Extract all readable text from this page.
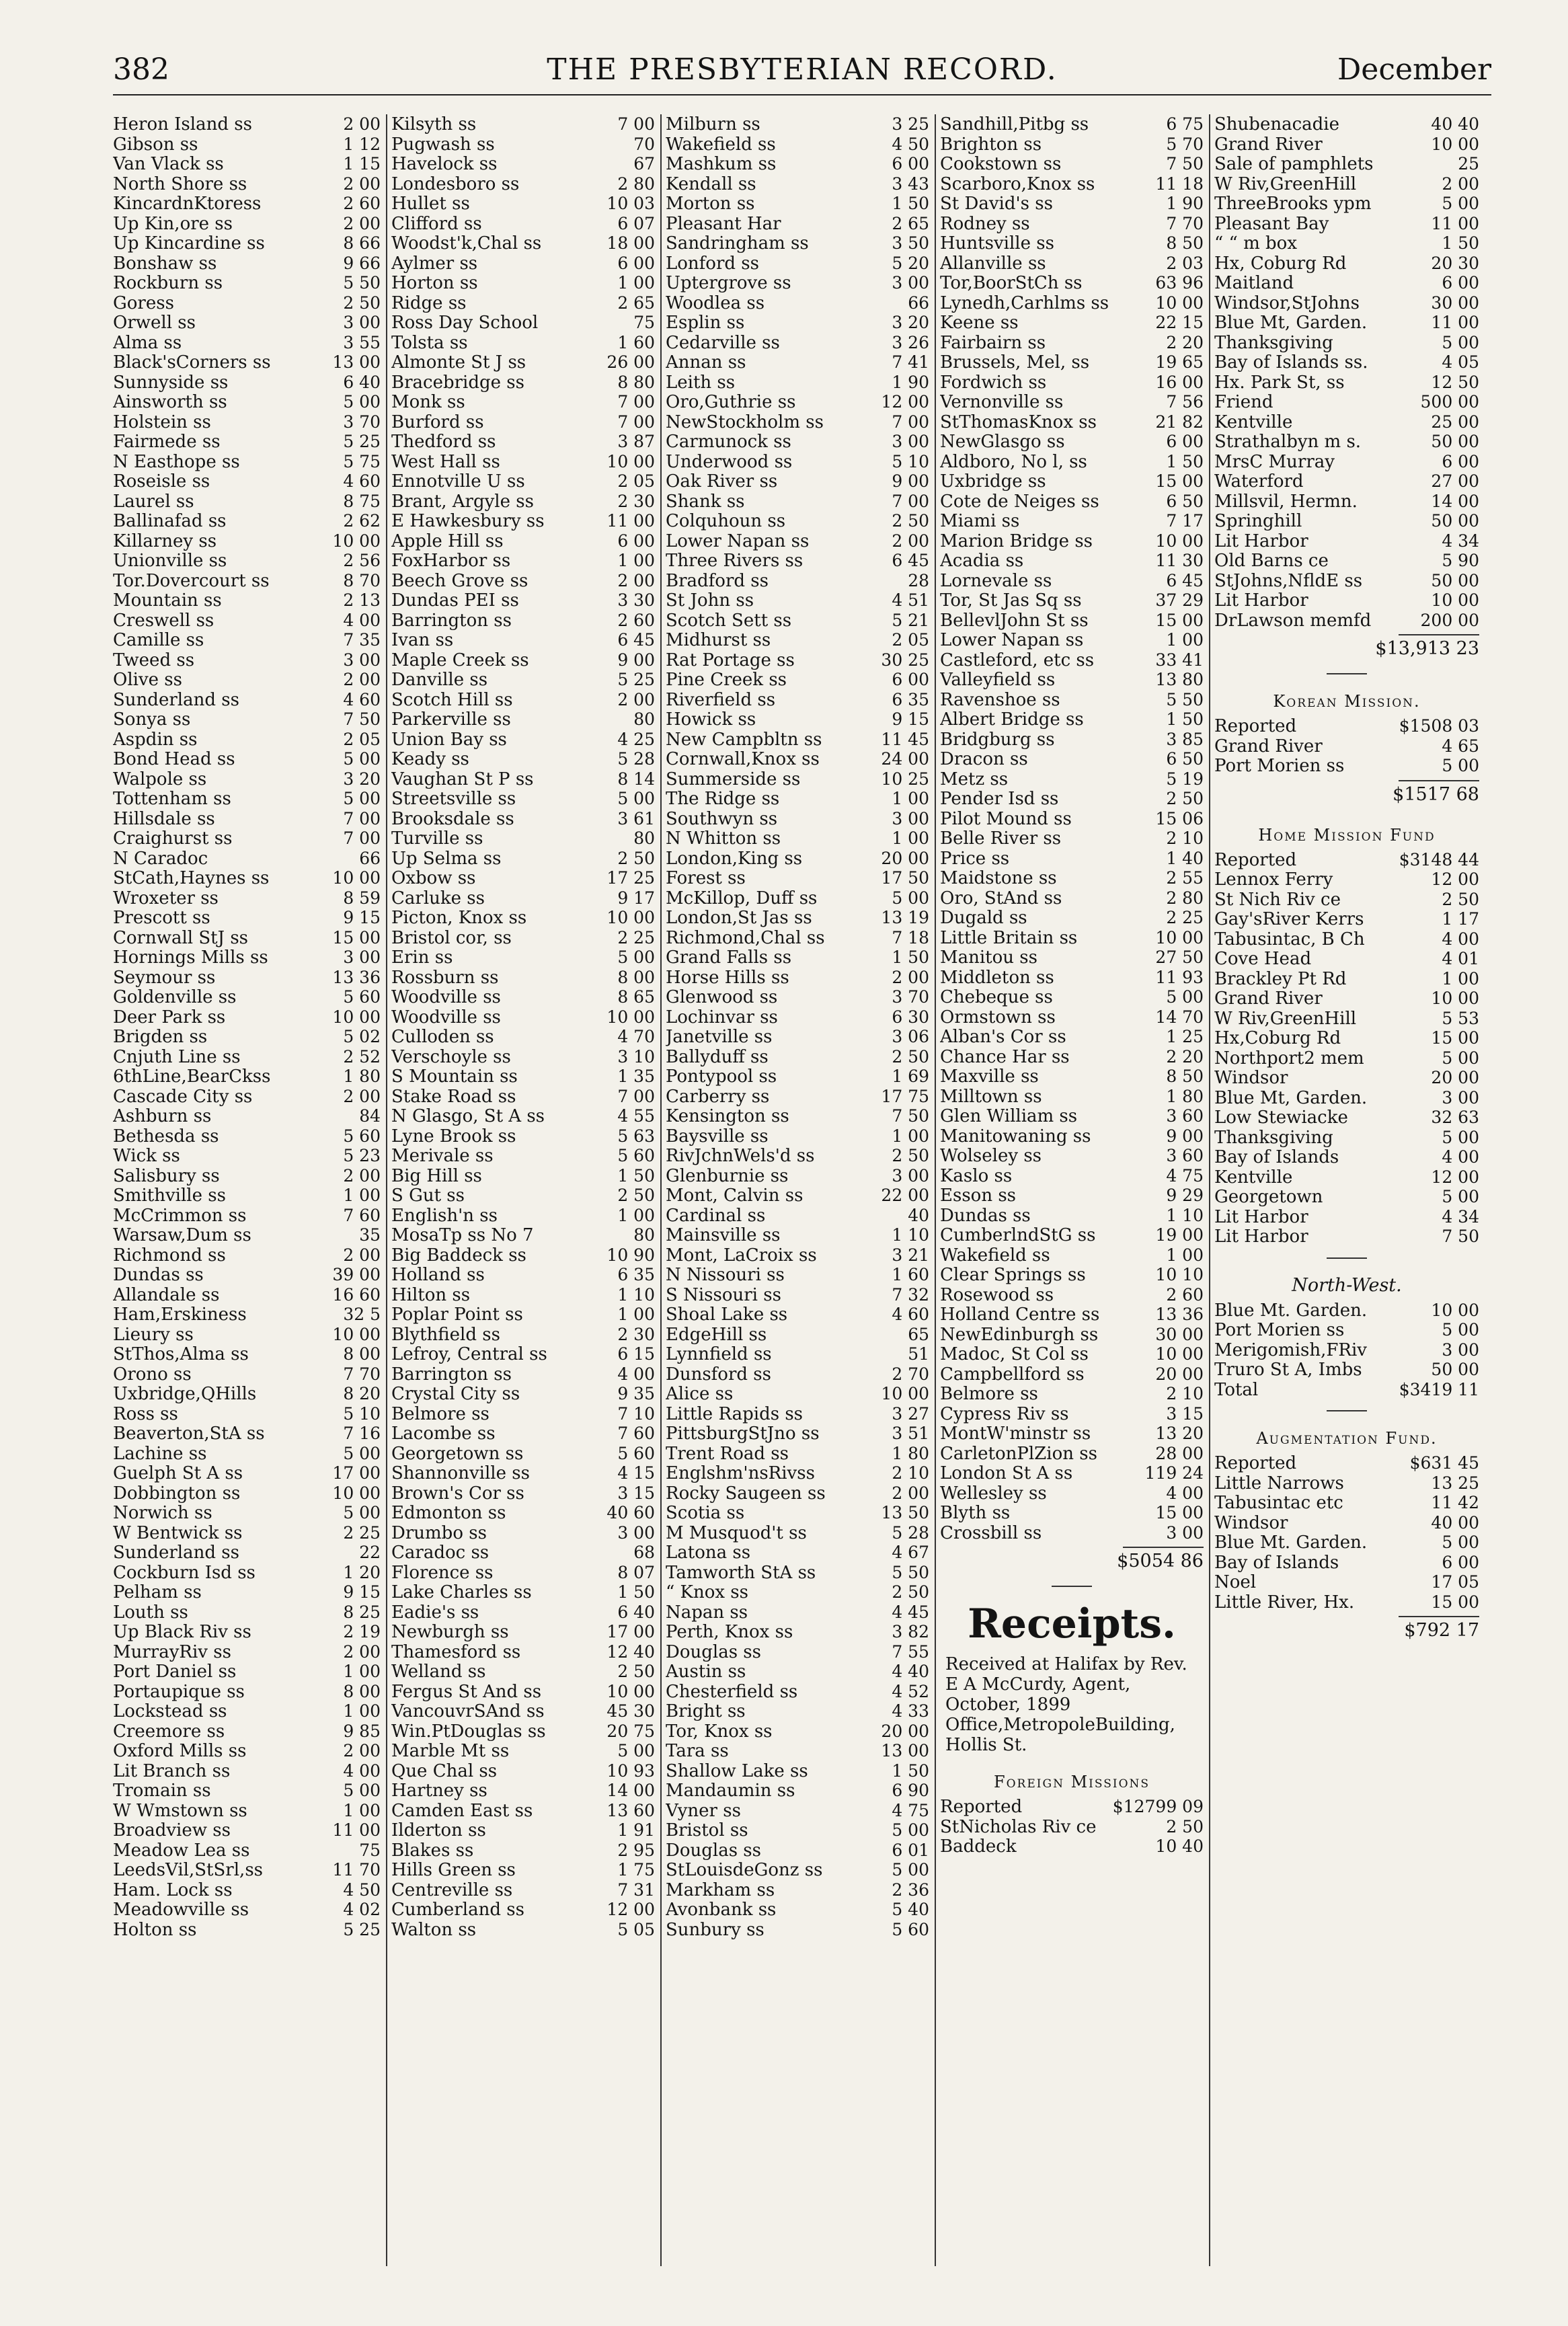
382	THE PRESBYTERIAN RECORD.	December
Heron Island ss	2 00
Gibson ss	1 12
Van Vlack ss	1 15
North Shore ss	2 00
KincardnKtoress	2 60
Up Kin,ore ss	2 00
Up Kincardine ss	8 66
Bonshaw ss	9 66
Rockburn ss	5 50
Goress	2 50
Orwell ss	3 00
Alma ss	3 55
Black'sCorners ss	13 00
Sunnyside ss	6 40
Ainsworth ss	5 00
Holstein ss	3 70
Fairmede ss	5 25
N Easthope ss	5 75
Roseisle ss	4 60
Laurel ss	8 75
Ballinafad ss	2 62
Killarney ss	10 00
Unionville ss	2 56
Tor.Dovercourt ss	8 70
Mountain ss	2 13
Creswell ss	4 00
Camille ss	7 35
Tweed ss	3 00
Olive ss	2 00
Sunderland ss	4 60
Sonya ss	7 50
Aspdin ss	2 05
Bond Head ss	5 00
Walpole ss	3 20
Tottenham ss	5 00
Hillsdale ss	7 00
Craighurst ss	7 00
N Caradoc	66
StCath,Haynes ss	10 00
Wroxeter ss	8 59
Prescott ss	9 15
Cornwall StJ ss	15 00
Hornings Mills ss	3 00
Seymour ss	13 36
Goldenville ss	5 60
Deer Park ss	10 00
Brigden ss	5 02
Cnjuth Line ss	2 52
6thLine,BearCkss	1 80
Cascade City ss	2 00
Ashburn ss	84
Bethesda ss	5 60
Wick ss	5 23
Salisbury ss	2 00
Smithville ss	1 00
McCrimmon ss	7 60
Warsaw,Dum ss	35
Richmond ss	2 00
Dundas ss	39 00
Allandale ss	16 60
Ham,Erskiness	32 5
Lieury ss	10 00
StThos,Alma ss	8 00
Orono ss	7 70
Uxbridge,QHills	8 20
Ross ss	5 10
Beaverton,StA ss	7 16
Lachine ss	5 00
Guelph St A ss	17 00
Dobbington ss	10 00
Norwich ss	5 00
W Bentwick ss	2 25
Sunderland ss	22
Cockburn Isd ss	1 20
Pelham ss	9 15
Louth ss	8 25
Up Black Riv ss	2 19
MurrayRiv ss	2 00
Port Daniel ss	1 00
Portaupique ss	8 00
Lockstead ss	1 00
Creemore ss	9 85
Oxford Mills ss	2 00
Lit Branch ss	4 00
Tromain ss	5 00
W Wmstown ss	1 00
Broadview ss	11 00
Meadow Lea ss	75
LeedsVil,StSrl,ss	11 70
Ham. Lock ss	4 50
Meadowville ss	4 02
Holton ss	5 25
Kilsyth ss	7 00
Pugwash ss	70
Havelock ss	67
Londesboro ss	2 80
Hullet ss	10 03
Clifford ss	6 07
Woodst'k,Chal ss	18 00
Aylmer ss	6 00
Horton ss	1 00
Ridge ss	2 65
Ross Day School	75
Tolsta ss	1 60
Almonte St J ss	26 00
Bracebridge ss	8 80
Monk ss	7 00
Burford ss	7 00
Thedford ss	3 87
West Hall ss	10 00
Ennotville U ss	2 05
Brant, Argyle ss	2 30
E Hawkesbury ss	11 00
Apple Hill ss	6 00
FoxHarbor ss	1 00
Beech Grove ss	2 00
Dundas PEI ss	3 30
Barrington ss	2 60
Ivan ss	6 45
Maple Creek ss	9 00
Danville ss	5 25
Scotch Hill ss	2 00
Parkerville ss	80
Union Bay ss	4 25
Keady ss	5 28
Vaughan St P ss	8 14
Streetsville ss	5 00
Brooksdale ss	3 61
Turville ss	80
Up Selma ss	2 50
Oxbow ss	17 25
Carluke ss	9 17
Picton, Knox ss	10 00
Bristol cor, ss	2 25
Erin ss	5 00
Rossburn ss	8 00
Woodville ss	8 65
Woodville ss	10 00
Culloden ss	4 70
Verschoyle ss	3 10
S Mountain ss	1 35
Stake Road ss	7 00
N Glasgo, St A ss	4 55
Lyne Brook ss	5 63
Merivale ss	5 60
Big Hill ss	1 50
S Gut ss	2 50
English'n ss	1 00
MosaTp ss No 7	80
Big Baddeck ss	10 90
Holland ss	6 35
Hilton ss	1 10
Poplar Point ss	1 00
Blythfield ss	2 30
Lefroy, Central ss	6 15
Barrington ss	4 00
Crystal City ss	9 35
Belmore ss	7 10
Lacombe ss	7 60
Georgetown ss	5 60
Shannonville ss	4 15
Brown's Cor ss	3 15
Edmonton ss	40 60
Drumbo ss	3 00
Caradoc ss	68
Florence ss	8 07
Lake Charles ss	1 50
Eadie's ss	6 40
Newburgh ss	17 00
Thamesford ss	12 40
Welland ss	2 50
Fergus St And ss	10 00
VancouvrSAnd ss	45 30
Win.PtDouglas ss	20 75
Marble Mt ss	5 00
Que Chal ss	10 93
Hartney ss	14 00
Camden East ss	13 60
Ilderton ss	1 91
Blakes ss	2 95
Hills Green ss	1 75
Centreville ss	7 31
Cumberland ss	12 00
Walton ss	5 05
Milburn ss	3 25
Wakefield ss	4 50
Mashkum ss	6 00
Kendall ss	3 43
Morton ss	1 50
Pleasant Har	2 65
Sandringham ss	3 50
Lonford ss	5 20
Uptergrove ss	3 00
Woodlea ss	66
Esplin ss	3 20
Cedarville ss	3 26
Annan ss	7 41
Leith ss	1 90
Oro,Guthrie ss	12 00
NewStockholm ss	7 00
Carmunock ss	3 00
Underwood ss	5 10
Oak River ss	9 00
Shank ss	7 00
Colquhoun ss	2 50
Lower Napan ss	2 00
Three Rivers ss	6 45
Bradford ss	28
St John ss	4 51
Scotch Sett ss	5 21
Midhurst ss	2 05
Rat Portage ss	30 25
Pine Creek ss	6 00
Riverfield ss	6 35
Howick ss	9 15
New Campbltn ss	11 45
Cornwall,Knox ss	24 00
Summerside ss	10 25
The Ridge ss	1 00
Southwyn ss	3 00
N Whitton ss	1 00
London,King ss	20 00
Forest ss	17 50
McKillop, Duff ss	5 00
London,St Jas ss	13 19
Richmond,Chal ss	7 18
Grand Falls ss	1 50
Horse Hills ss	2 00
Glenwood ss	3 70
Lochinvar ss	6 30
Janetville ss	3 06
Ballyduff ss	2 50
Pontypool ss	1 69
Carberry ss	17 75
Kensington ss	7 50
Baysville ss	1 00
RivJchnWels'd ss	2 50
Glenburnie ss	3 00
Mont, Calvin ss	22 00
Cardinal ss	40
Mainsville ss	1 10
Mont, LaCroix ss	3 21
N Nissouri ss	1 60
S Nissouri ss	7 32
Shoal Lake ss	4 60
EdgeHill ss	65
Lynnfield ss	51
Dunsford ss	2 70
Alice ss	10 00
Little Rapids ss	3 27
PittsburgStJno ss	3 51
Trent Road ss	1 80
Englshm'nsRivss	2 10
Rocky Saugeen ss	2 00
Scotia ss	13 50
M Musquod't ss	5 28
Latona ss	4 67
Tamworth StA ss	5 50
“ Knox ss	2 50
Napan ss	4 45
Perth, Knox ss	3 82
Douglas ss	7 55
Austin ss	4 40
Chesterfield ss	4 52
Bright ss	4 33
Tor, Knox ss	20 00
Tara ss	13 00
Shallow Lake ss	1 50
Mandaumin ss	6 90
Vyner ss	4 75
Bristol ss	5 00
Douglas ss	6 01
StLouisdeGonz ss	5 00
Markham ss	2 36
Avonbank ss	5 40
Sunbury ss	5 60
Sandhill,Pitbg ss	6 75
Brighton ss	5 70
Cookstown ss	7 50
Scarboro,Knox ss	11 18
St David's ss	1 90
Rodney ss	7 70
Huntsville ss	8 50
Allanville ss	2 03
Tor,BoorStCh ss	63 96
Lynedh,Carhlms ss	10 00
Keene ss	22 15
Fairbairn ss	2 20
Brussels, Mel, ss	19 65
Fordwich ss	16 00
Vernonville ss	7 56
StThomasKnox ss	21 82
NewGlasgo ss	6 00
Aldboro, No l, ss	1 50
Uxbridge ss	15 00
Cote de Neiges ss	6 50
Miami ss	7 17
Marion Bridge ss	10 00
Acadia ss	11 30
Lornevale ss	6 45
Tor, St Jas Sq ss	37 29
BellevlJohn St ss	15 00
Lower Napan ss	1 00
Castleford, etc ss	33 41
Valleyfield ss	13 80
Ravenshoe ss	5 50
Albert Bridge ss	1 50
Bridgburg ss	3 85
Dracon ss	6 50
Metz ss	5 19
Pender Isd ss	2 50
Pilot Mound ss	15 06
Belle River ss	2 10
Price ss	1 40
Maidstone ss	2 55
Oro, StAnd ss	2 80
Dugald ss	2 25
Little Britain ss	10 00
Manitou ss	27 50
Middleton ss	11 93
Chebeque ss	5 00
Ormstown ss	14 70
Alban's Cor ss	1 25
Chance Har ss	2 20
Maxville ss	8 50
Milltown ss	1 80
Glen William ss	3 60
Manitowaning ss	9 00
Wolseley ss	3 60
Kaslo ss	4 75
Esson ss	9 29
Dundas ss	1 10
CumberlndStG ss	19 00
Wakefield ss	1 00
Clear Springs ss	10 10
Rosewood ss	2 60
Holland Centre ss	13 36
NewEdinburgh ss	30 00
Madoc, St Col ss	10 00
Campbellford ss	20 00
Belmore ss	2 10
Cypress Riv ss	3 15
MontW'minstr ss	13 20
CarletonPlZion ss	28 00
London St A ss	119 24
Wellesley ss	4 00
Blyth ss	15 00
Crossbill ss	3 00
$5054 86
Receipts.
Received at Halifax by Rev. E A McCurdy, Agent, October, 1899 Office,MetropoleBuilding, Hollis St.
Foreign Missions
Reported	$12799 09
StNicholas Riv ce	2 50
Baddeck	10 40
Shubenacadie	40 40
Grand River	10 00
Sale of pamphlets	25
W Riv,GreenHill	2 00
ThreeBrooks ypm	5 00
Pleasant Bay	11 00
“ “ m box	1 50
Hx, Coburg Rd	20 30
Maitland	6 00
Windsor,StJohns	30 00
Blue Mt, Garden.	11 00
Thanksgiving	5 00
Bay of Islands ss.	4 05
Hx. Park St, ss	12 50
Friend	500 00
Kentville	25 00
Strathalbyn m s.	50 00
MrsC Murray	6 00
Waterford	27 00
Millsvil, Hermn.	14 00
Springhill	50 00
Lit Harbor	4 34
Old Barns ce	5 90
StJohns,NfldE ss	50 00
Lit Harbor	10 00
DrLawson memfd	200 00
$13,913 23
Korean Mission.
Reported	$1508 03
Grand River	4 65
Port Morien ss	5 00
$1517 68
Home Mission Fund
Reported	$3148 44
Lennox Ferry	12 00
St Nich Riv ce	2 50
Gay'sRiver Kerrs	1 17
Tabusintac, B Ch	4 00
Cove Head	4 01
Brackley Pt Rd	1 00
Grand River	10 00
W Riv,GreenHill	5 53
Hx,Coburg Rd	15 00
Northport2 mem	5 00
Windsor	20 00
Blue Mt, Garden.	3 00
Low Stewiacke	32 63
Thanksgiving	5 00
Bay of Islands	4 00
Kentville	12 00
Georgetown	5 00
Lit Harbor	4 34
Lit Harbor	7 50
North-West.
Blue Mt. Garden.	10 00
Port Morien ss	5 00
Merigomish,FRiv	3 00
Truro St A, Imbs	50 00
Total	$3419 11
Augmentation Fund.
Reported	$631 45
Little Narrows	13 25
Tabusintac etc	11 42
Windsor	40 00
Blue Mt. Garden.	5 00
Bay of Islands	6 00
Noel	17 05
Little River, Hx.	15 00
$792 17
